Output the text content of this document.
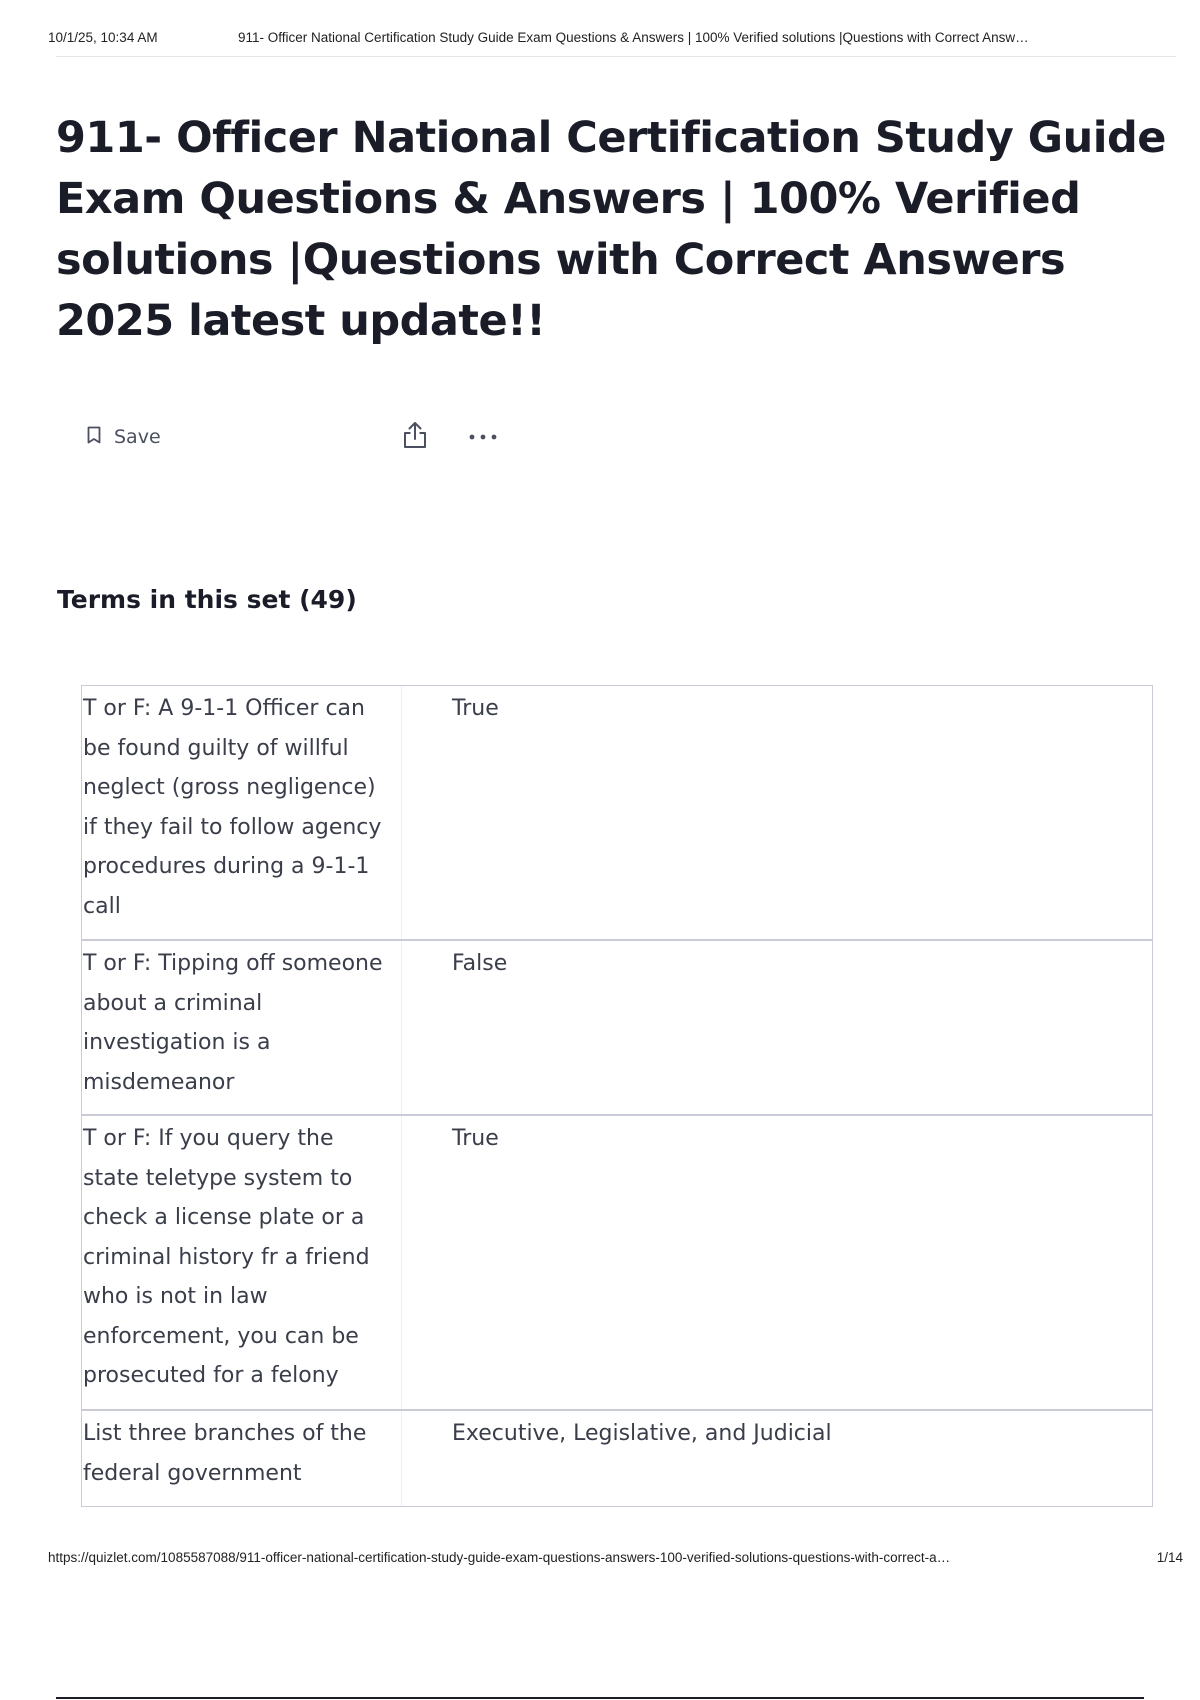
10/1/25, 10:34 AM	911- Officer National Certification Study Guide Exam Questions & Answers | 100% Verified solutions |Questions with Correct Answ…
911- Officer National Certification Study Guide Exam Questions & Answers | 100% Verified solutions |Questions with Correct Answers 2025 latest update!!
Save
Terms in this set (49)
T or F: A 9-1-1 Officer can be found guilty of willful neglect (gross negligence) if they fail to follow agency procedures during a 9-1-1 call
True
T or F: Tipping off someone about a criminal investigation is a misdemeanor
False
T or F: If you query the state teletype system to check a license plate or a criminal history fr a friend who is not in law enforcement, you can be prosecuted for a felony
True
List three branches of the federal government
Executive, Legislative, and Judicial
https://quizlet.com/1085587088/911-officer-national-certification-study-guide-exam-questions-answers-100-verified-solutions-questions-with-correct-a…	1/14
